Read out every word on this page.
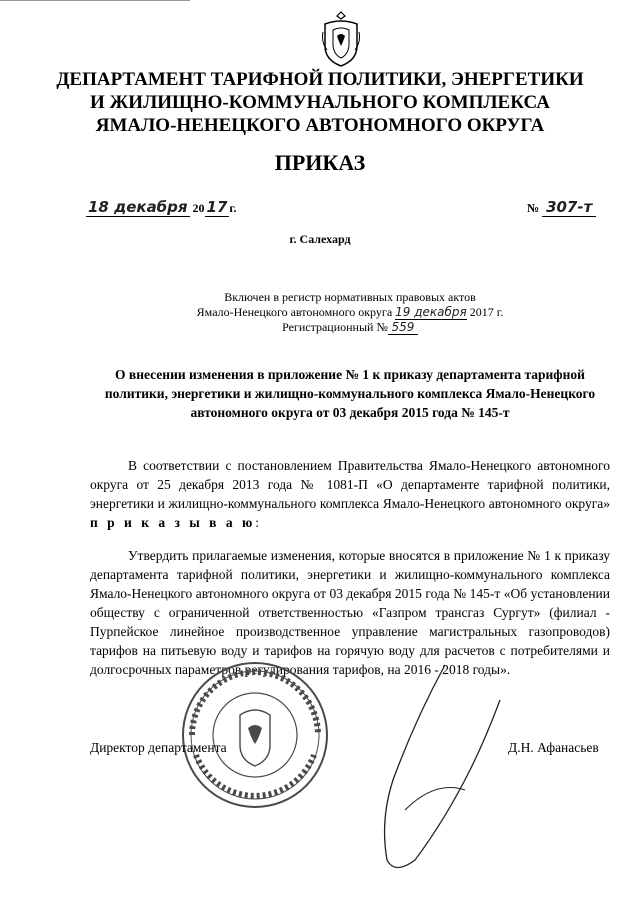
ДЕПАРТАМЕНТ ТАРИФНОЙ ПОЛИТИКИ, ЭНЕРГЕТИКИ
И ЖИЛИЩНО-КОММУНАЛЬНОГО КОМПЛЕКСА
ЯМАЛО-НЕНЕЦКОГО АВТОНОМНОГО ОКРУГА
ПРИКАЗ
18 декабря 20 17 г.	№ 307-т
г. Салехард
Включен в регистр нормативных правовых актов
Ямало-Ненецкого автономного округа 19 декабря 2017 г.
Регистрационный № 559
О внесении изменения в приложение № 1 к приказу департамента тарифной политики, энергетики и жилищно-коммунального комплекса Ямало-Ненецкого автономного округа от 03 декабря 2015 года № 145-т
В соответствии с постановлением Правительства Ямало-Ненецкого автономного округа от 25 декабря 2013 года № 1081-П «О департаменте тарифной политики, энергетики и жилищно-коммунального комплекса Ямало-Ненецкого автономного округа» п р и к а з ы в а ю:
Утвердить прилагаемые изменения, которые вносятся в приложение № 1 к приказу департамента тарифной политики, энергетики и жилищно-коммунального комплекса Ямало-Ненецкого автономного округа от 03 декабря 2015 года № 145-т «Об установлении обществу с ограниченной ответственностью «Газпром трансгаз Сургут» (филиал - Пурпейское линейное производственное управление магистральных газопроводов) тарифов на питьевую воду и тарифов на горячую воду для расчетов с потребителями и долгосрочных параметров регулирования тарифов, на 2016 - 2018 годы».
Директор департамента	Д.Н. Афанасьев
